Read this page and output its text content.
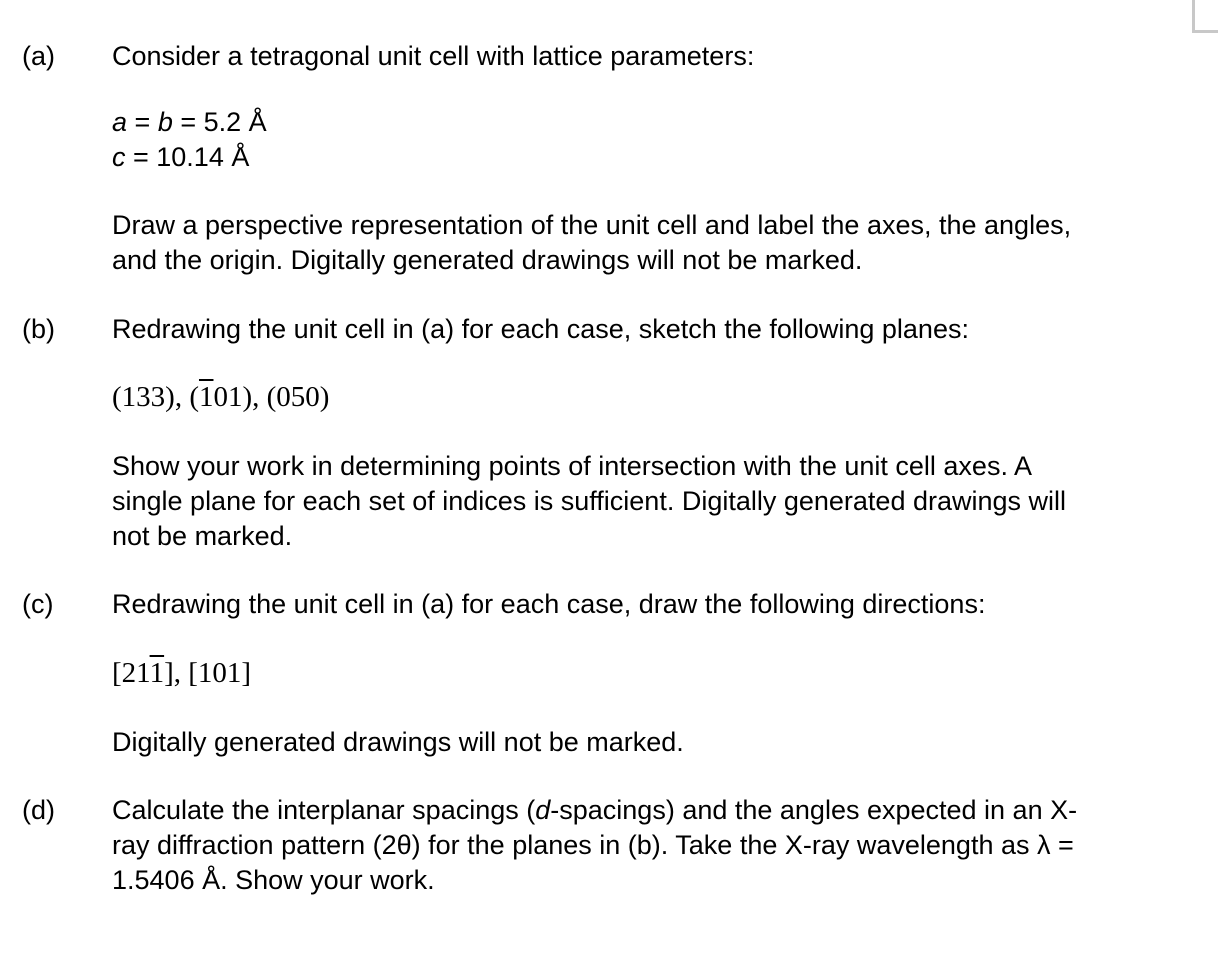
(a) Consider a tetragonal unit cell with lattice parameters:
a = b = 5.2 Å
c = 10.14 Å
Draw a perspective representation of the unit cell and label the axes, the angles,
and the origin. Digitally generated drawings will not be marked.
(b) Redrawing the unit cell in (a) for each case, sketch the following planes:
(133), (101), (050)
Show your work in determining points of intersection with the unit cell axes. A
single plane for each set of indices is sufficient. Digitally generated drawings will
not be marked.
(c) Redrawing the unit cell in (a) for each case, draw the following directions:
[211], [101]
Digitally generated drawings will not be marked.
(d) Calculate the interplanar spacings (d-spacings) and the angles expected in an X-
ray diffraction pattern (2θ) for the planes in (b). Take the X-ray wavelength as λ =
1.5406 Å. Show your work.
